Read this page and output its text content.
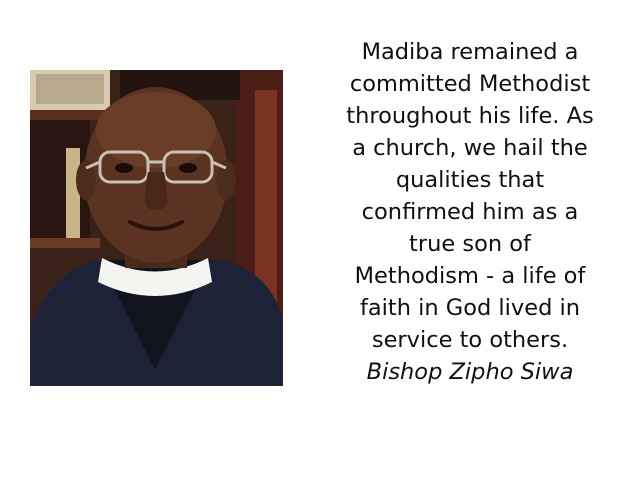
Madiba remained a
committed Methodist
throughout his life. As
a church, we hail the
qualities that
confirmed him as a
true son of
Methodism - a life of
faith in God lived in
service to others.
Bishop Zipho Siwa
